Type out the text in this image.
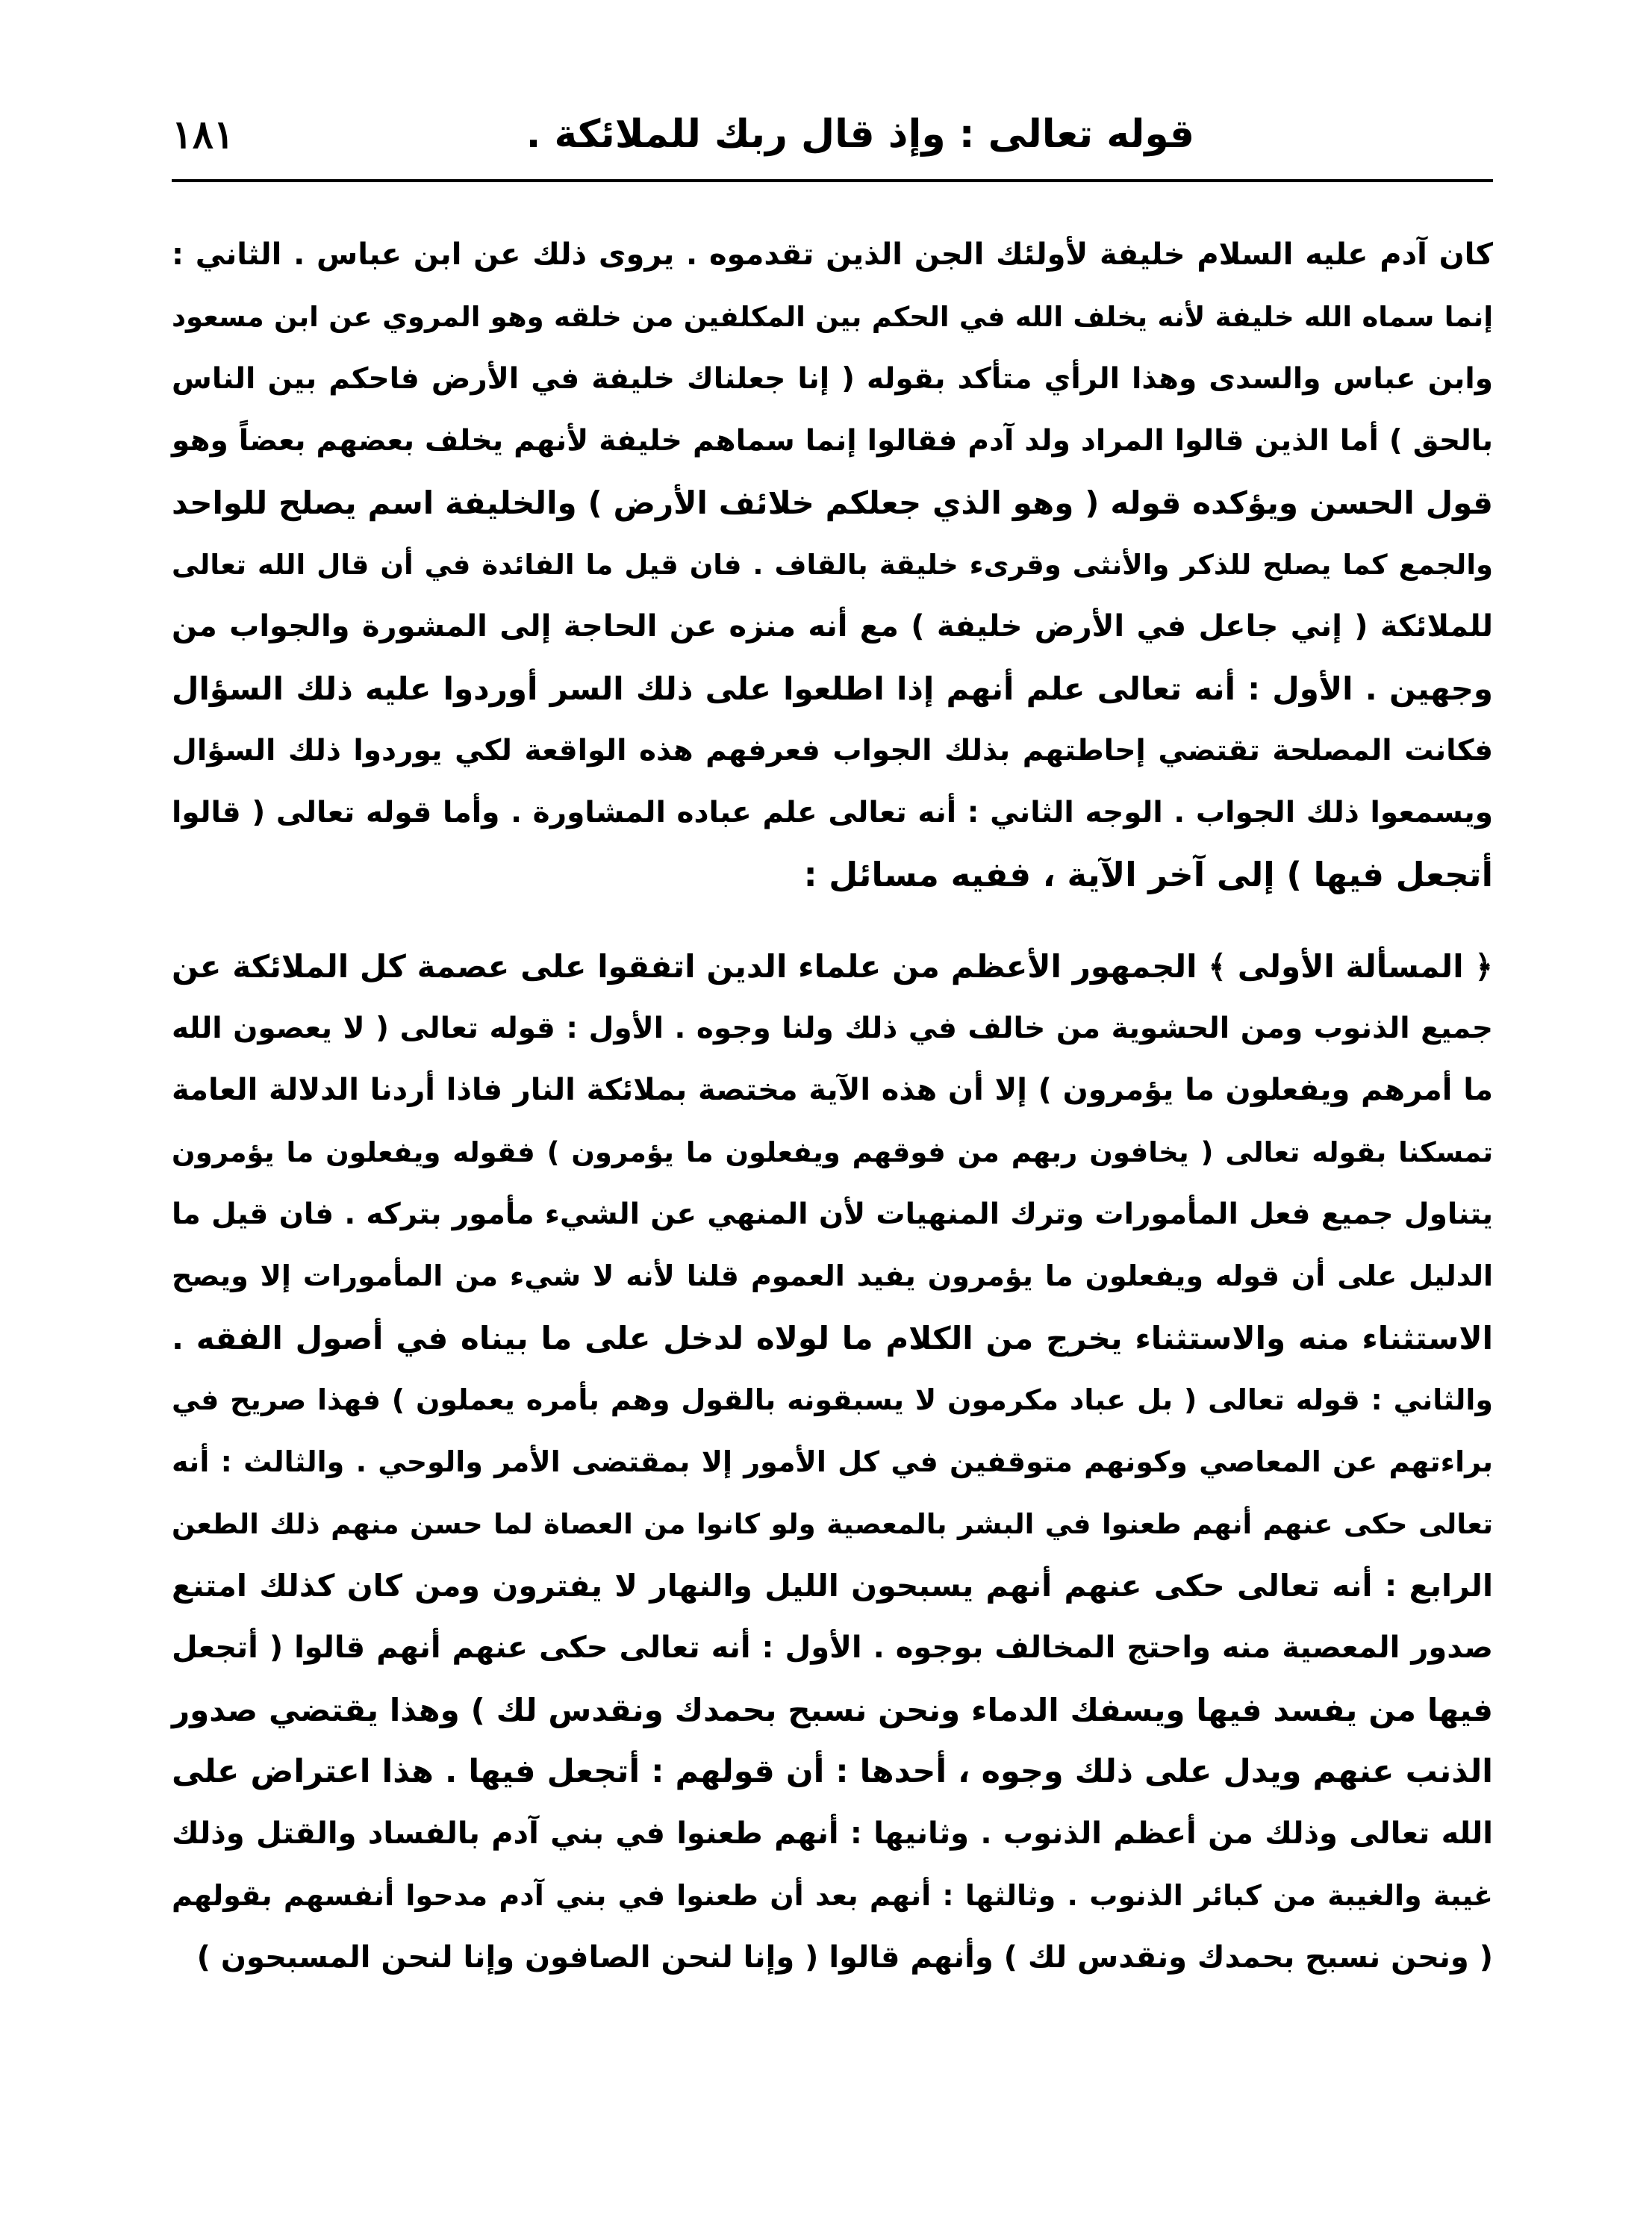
١٨١	قوله تعالى : وإذ قال ربك للملائكة .
كان آدم عليه السلام خليفة لأولئك الجن الذين تقدموه . يروى ذلك عن ابن عباس . الثاني :
إنما سماه الله خليفة لأنه يخلف الله في الحكم بين المكلفين من خلقه وهو المروي عن ابن مسعود
وابن عباس والسدى وهذا الرأي متأكد بقوله ( إنا جعلناك خليفة في الأرض فاحكم بين الناس
بالحق ) أما الذين قالوا المراد ولد آدم فقالوا إنما سماهم خليفة لأنهم يخلف بعضهم بعضاً وهو
قول الحسن ويؤكده قوله ( وهو الذي جعلكم خلائف الأرض ) والخليفة اسم يصلح للواحد
والجمع كما يصلح للذكر والأنثى وقرىء خليقة بالقاف . فان قيل ما الفائدة في أن قال الله تعالى
للملائكة ( إني جاعل في الأرض خليفة ) مع أنه منزه عن الحاجة إلى المشورة والجواب من
وجهين . الأول : أنه تعالى علم أنهم إذا اطلعوا على ذلك السر أوردوا عليه ذلك السؤال
فكانت المصلحة تقتضي إحاطتهم بذلك الجواب فعرفهم هذه الواقعة لكي يوردوا ذلك السؤال
ويسمعوا ذلك الجواب . الوجه الثاني : أنه تعالى علم عباده المشاورة . وأما قوله تعالى ( قالوا
أتجعل فيها ) إلى آخر الآية ، ففيه مسائل :
﴿ المسألة الأولى ﴾ الجمهور الأعظم من علماء الدين اتفقوا على عصمة كل الملائكة عن
جميع الذنوب ومن الحشوية من خالف في ذلك ولنا وجوه . الأول : قوله تعالى ( لا يعصون الله
ما أمرهم ويفعلون ما يؤمرون ) إلا أن هذه الآية مختصة بملائكة النار فاذا أردنا الدلالة العامة
تمسكنا بقوله تعالى ( يخافون ربهم من فوقهم ويفعلون ما يؤمرون ) فقوله ويفعلون ما يؤمرون
يتناول جميع فعل المأمورات وترك المنهيات لأن المنهي عن الشيء مأمور بتركه . فان قيل ما
الدليل على أن قوله ويفعلون ما يؤمرون يفيد العموم قلنا لأنه لا شيء من المأمورات إلا ويصح
الاستثناء منه والاستثناء يخرج من الكلام ما لولاه لدخل على ما بيناه في أصول الفقه .
والثاني : قوله تعالى ( بل عباد مكرمون لا يسبقونه بالقول وهم بأمره يعملون ) فهذا صريح في
براءتهم عن المعاصي وكونهم متوقفين في كل الأمور إلا بمقتضى الأمر والوحي . والثالث : أنه
تعالى حكى عنهم أنهم طعنوا في البشر بالمعصية ولو كانوا من العصاة لما حسن منهم ذلك الطعن
الرابع : أنه تعالى حكى عنهم أنهم يسبحون الليل والنهار لا يفترون ومن كان كذلك امتنع
صدور المعصية منه واحتج المخالف بوجوه . الأول : أنه تعالى حكى عنهم أنهم قالوا ( أتجعل
فيها من يفسد فيها ويسفك الدماء ونحن نسبح بحمدك ونقدس لك ) وهذا يقتضي صدور
الذنب عنهم ويدل على ذلك وجوه ، أحدها : أن قولهم : أتجعل فيها . هذا اعتراض على
الله تعالى وذلك من أعظم الذنوب . وثانيها : أنهم طعنوا في بني آدم بالفساد والقتل وذلك
غيبة والغيبة من كبائر الذنوب . وثالثها : أنهم بعد أن طعنوا في بني آدم مدحوا أنفسهم بقولهم
( ونحن نسبح بحمدك ونقدس لك ) وأنهم قالوا ( وإنا لنحن الصافون وإنا لنحن المسبحون )
